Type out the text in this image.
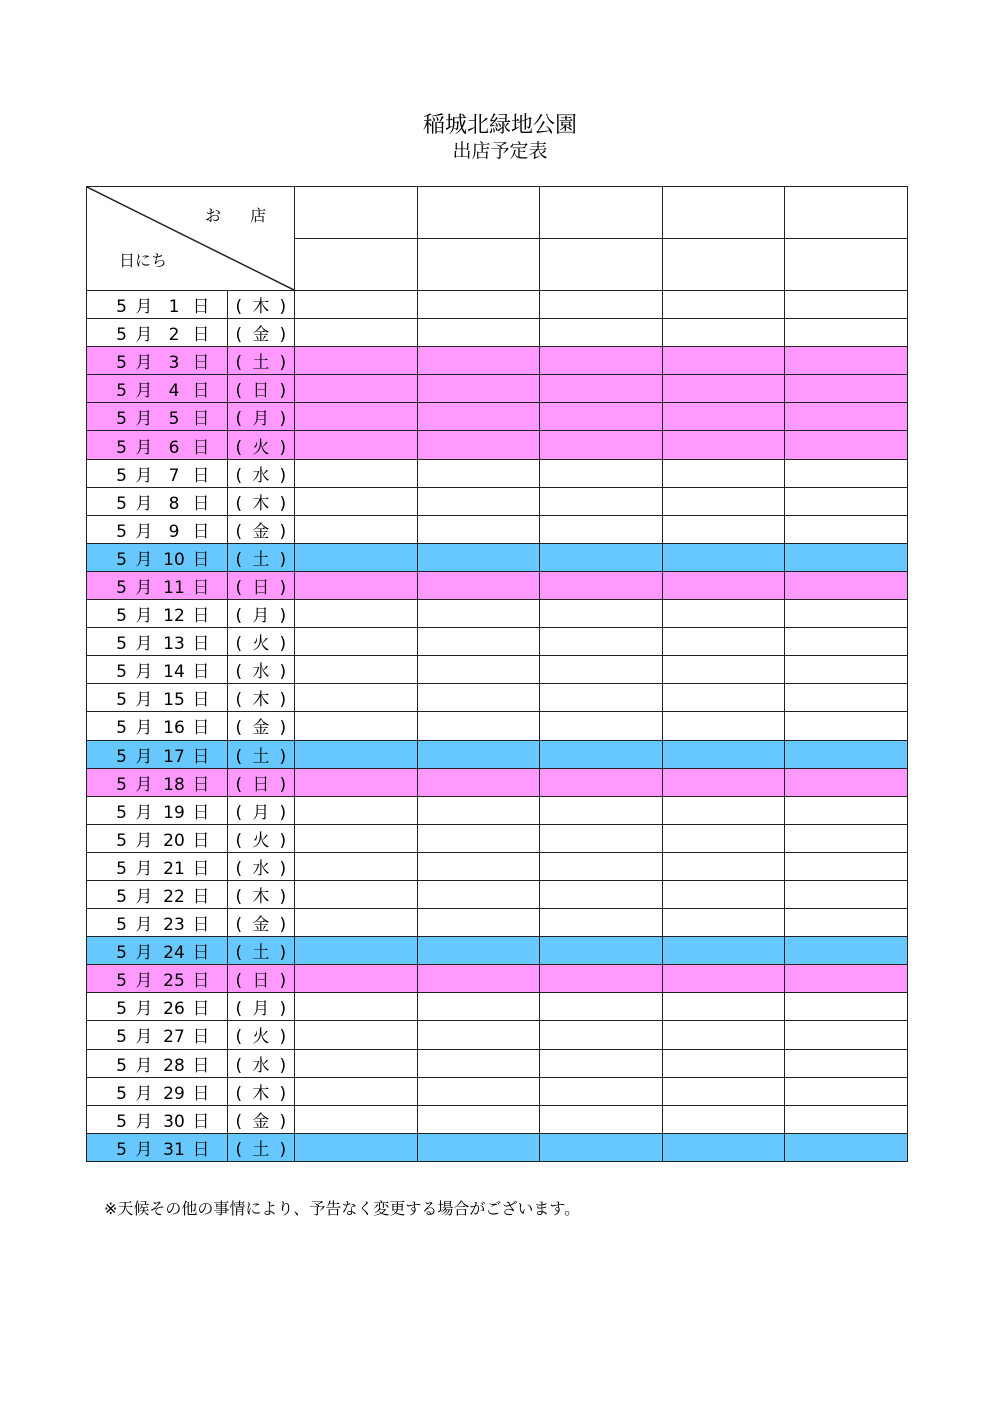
稲城北緑地公園
出店予定表
お 店
日にち						

5 月 1 日	( 木 )					
5 月 2 日	( 金 )					
5 月 3 日	( 土 )					
5 月 4 日	( 日 )					
5 月 5 日	( 月 )					
5 月 6 日	( 火 )					
5 月 7 日	( 水 )					
5 月 8 日	( 木 )					
5 月 9 日	( 金 )					
5 月 10 日	( 土 )					
5 月 11 日	( 日 )					
5 月 12 日	( 月 )					
5 月 13 日	( 火 )					
5 月 14 日	( 水 )					
5 月 15 日	( 木 )					
5 月 16 日	( 金 )					
5 月 17 日	( 土 )					
5 月 18 日	( 日 )					
5 月 19 日	( 月 )					
5 月 20 日	( 火 )					
5 月 21 日	( 水 )					
5 月 22 日	( 木 )					
5 月 23 日	( 金 )					
5 月 24 日	( 土 )					
5 月 25 日	( 日 )					
5 月 26 日	( 月 )					
5 月 27 日	( 火 )					
5 月 28 日	( 水 )					
5 月 29 日	( 木 )					
5 月 30 日	( 金 )					
5 月 31 日	( 土 )					
※天候その他の事情により、予告なく変更する場合がございます。
